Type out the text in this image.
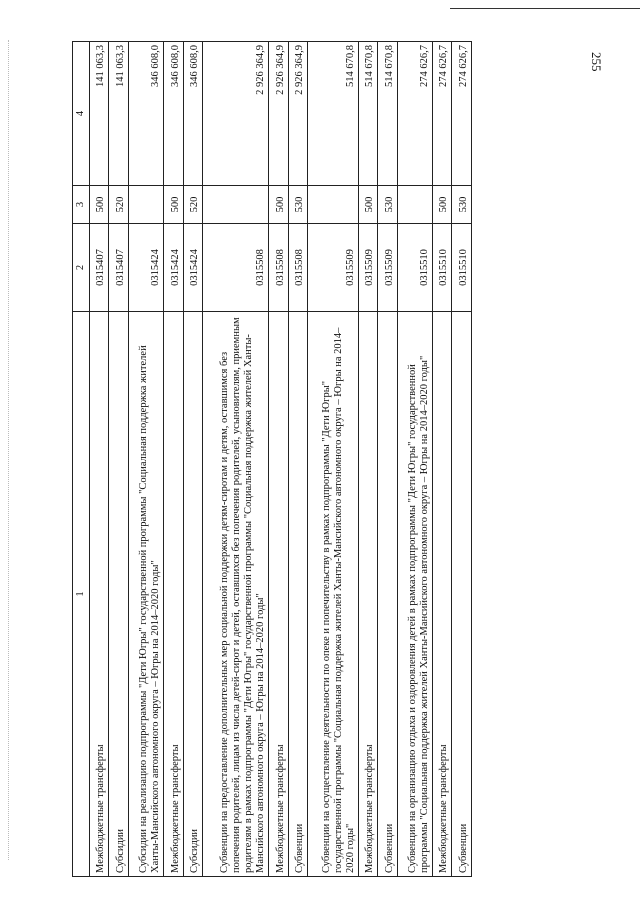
255
1	2	3	4
Межбюджетные трансферты	0315407	500	141 063,3
Субсидии	0315407	520	141 063,3
Субсидии на реализацию подпрограммы "Дети Югры" государственной программы "Социальная поддержка жителей Ханты-Мансийского автономного округа – Югры на 2014–2020 годы"	0315424		346 608,0
Межбюджетные трансферты	0315424	500	346 608,0
Субсидии	0315424	520	346 608,0
Субвенции на предоставление дополнительных мер социальной поддержки детям-сиротам и детям, оставшимся без попечения родителей, лицам из числа детей-сирот и детей, оставшихся без попечения родителей, усыновителям, приемным родителям в рамках подпрограммы "Дети Югры" государственной программы "Социальная поддержка жителей Ханты-Мансийского автономного округа – Югры на 2014–2020 годы"	0315508		2 926 364,9
Межбюджетные трансферты	0315508	500	2 926 364,9
Субвенции	0315508	530	2 926 364,9
Субвенции на осуществление деятельности по опеке и попечительству в рамках подпрограммы "Дети Югры" государственной программы "Социальная поддержка жителей Ханты-Мансийского автономного округа – Югры на 2014–2020 годы"	0315509		514 670,8
Межбюджетные трансферты	0315509	500	514 670,8
Субвенции	0315509	530	514 670,8
Субвенции на организацию отдыха и оздоровления детей в рамках подпрограммы "Дети Югры" государственной программы "Социальная поддержка жителей Ханты-Мансийского автономного округа – Югры на 2014–2020 годы"	0315510		274 626,7
Межбюджетные трансферты	0315510	500	274 626,7
Субвенции	0315510	530	274 626,7
